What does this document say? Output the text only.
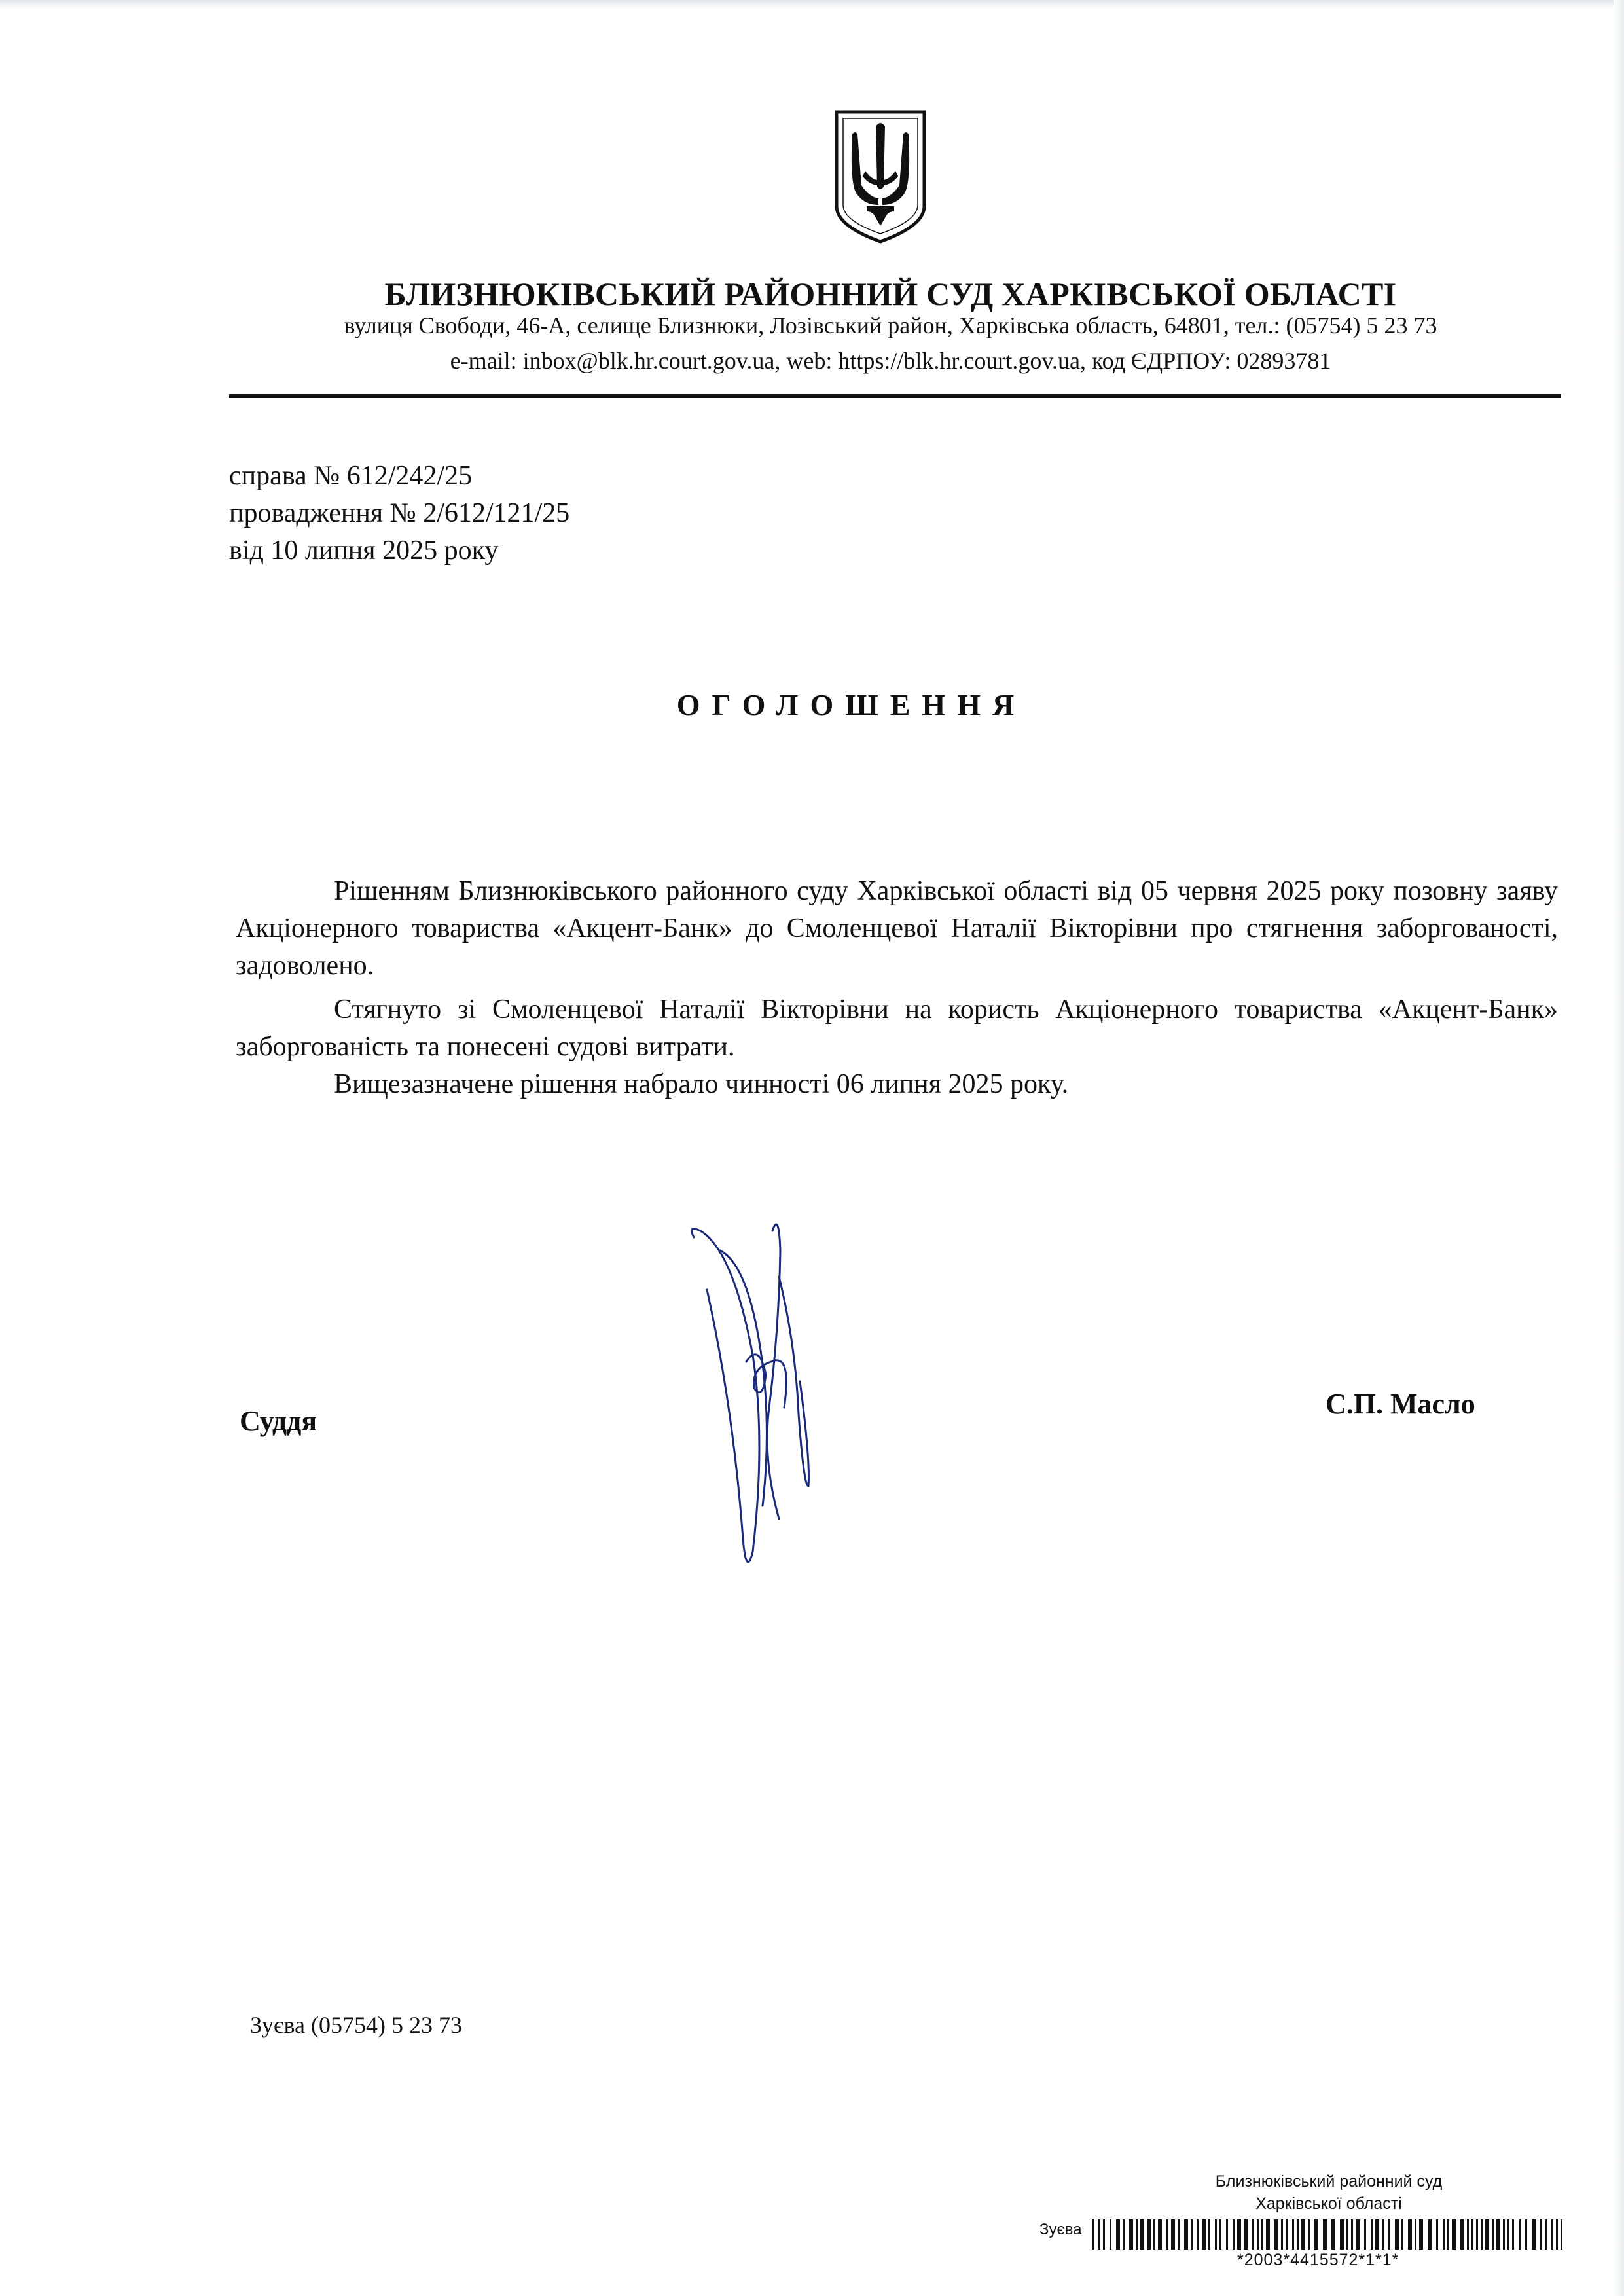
БЛИЗНЮКІВСЬКИЙ РАЙОННИЙ СУД ХАРКІВСЬКОЇ ОБЛАСТІ
вулиця Свободи, 46-А, селище Близнюки, Лозівський район, Харківська область, 64801, тел.: (05754) 5 23 73
e-mail: inbox@blk.hr.court.gov.ua, web: https://blk.hr.court.gov.ua, код ЄДРПОУ: 02893781
справа № 612/242/25
провадження № 2/612/121/25
від 10 липня 2025 року
ОГОЛОШЕННЯ

Рішенням Близнюківського районного суду Харківської області від 05 червня 2025 року позовну заяву Акціонерного товариства «Акцент-Банк» до Смоленцевої Наталії Вікторівни про стягнення заборгованості, задоволено.

Стягнуто зі Смоленцевої Наталії Вікторівни на користь Акціонерного товариства «Акцент-Банк» заборгованість та понесені судові витрати.

Вищезазначене рішення набрало чинності 06 липня 2025 року.

Суддя
С.П. Масло
Зуєва (05754) 5 23 73
Близнюківський районний суд
Харківської області
Зуєва
*2003*4415572*1*1*
